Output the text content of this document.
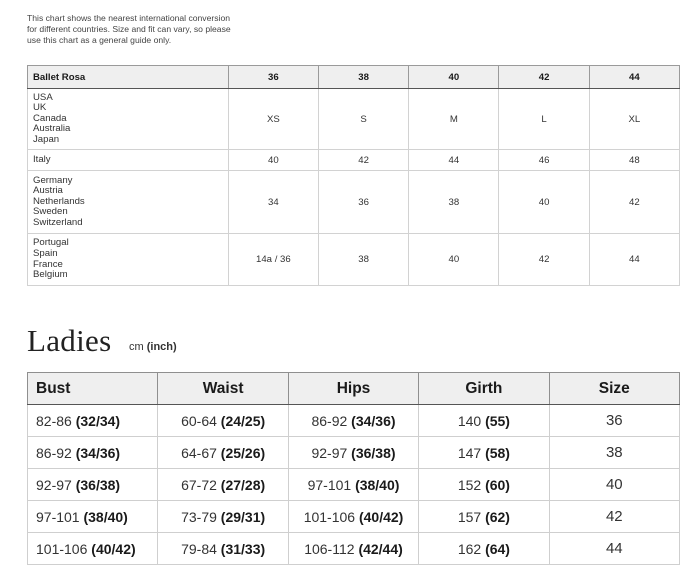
This chart shows the nearest international conversion
for different countries. Size and fit can vary, so please
use this chart as a general guide only.
Ballet Rosa	36	38	40	42	44

USA
UK
Canada
Australia
Japan	XS	S	M	L	XL

Italy	40	42	44	46	48

Germany
Austria
Netherlands
Sweden
Switzerland	34	36	38	40	42

Portugal
Spain
France
Belgium	14a / 36	38	40	42	44
Ladies cm (inch)
Bust	Waist	Hips	Girth	Size
82-86 (32/34)	60-64 (24/25)	86-92 (34/36)	140 (55)	36
86-92 (34/36)	64-67 (25/26)	92-97 (36/38)	147 (58)	38
92-97 (36/38)	67-72 (27/28)	97-101 (38/40)	152 (60)	40
97-101 (38/40)	73-79 (29/31)	101-106 (40/42)	157 (62)	42
101-106 (40/42)	79-84 (31/33)	106-112 (42/44)	162 (64)	44
